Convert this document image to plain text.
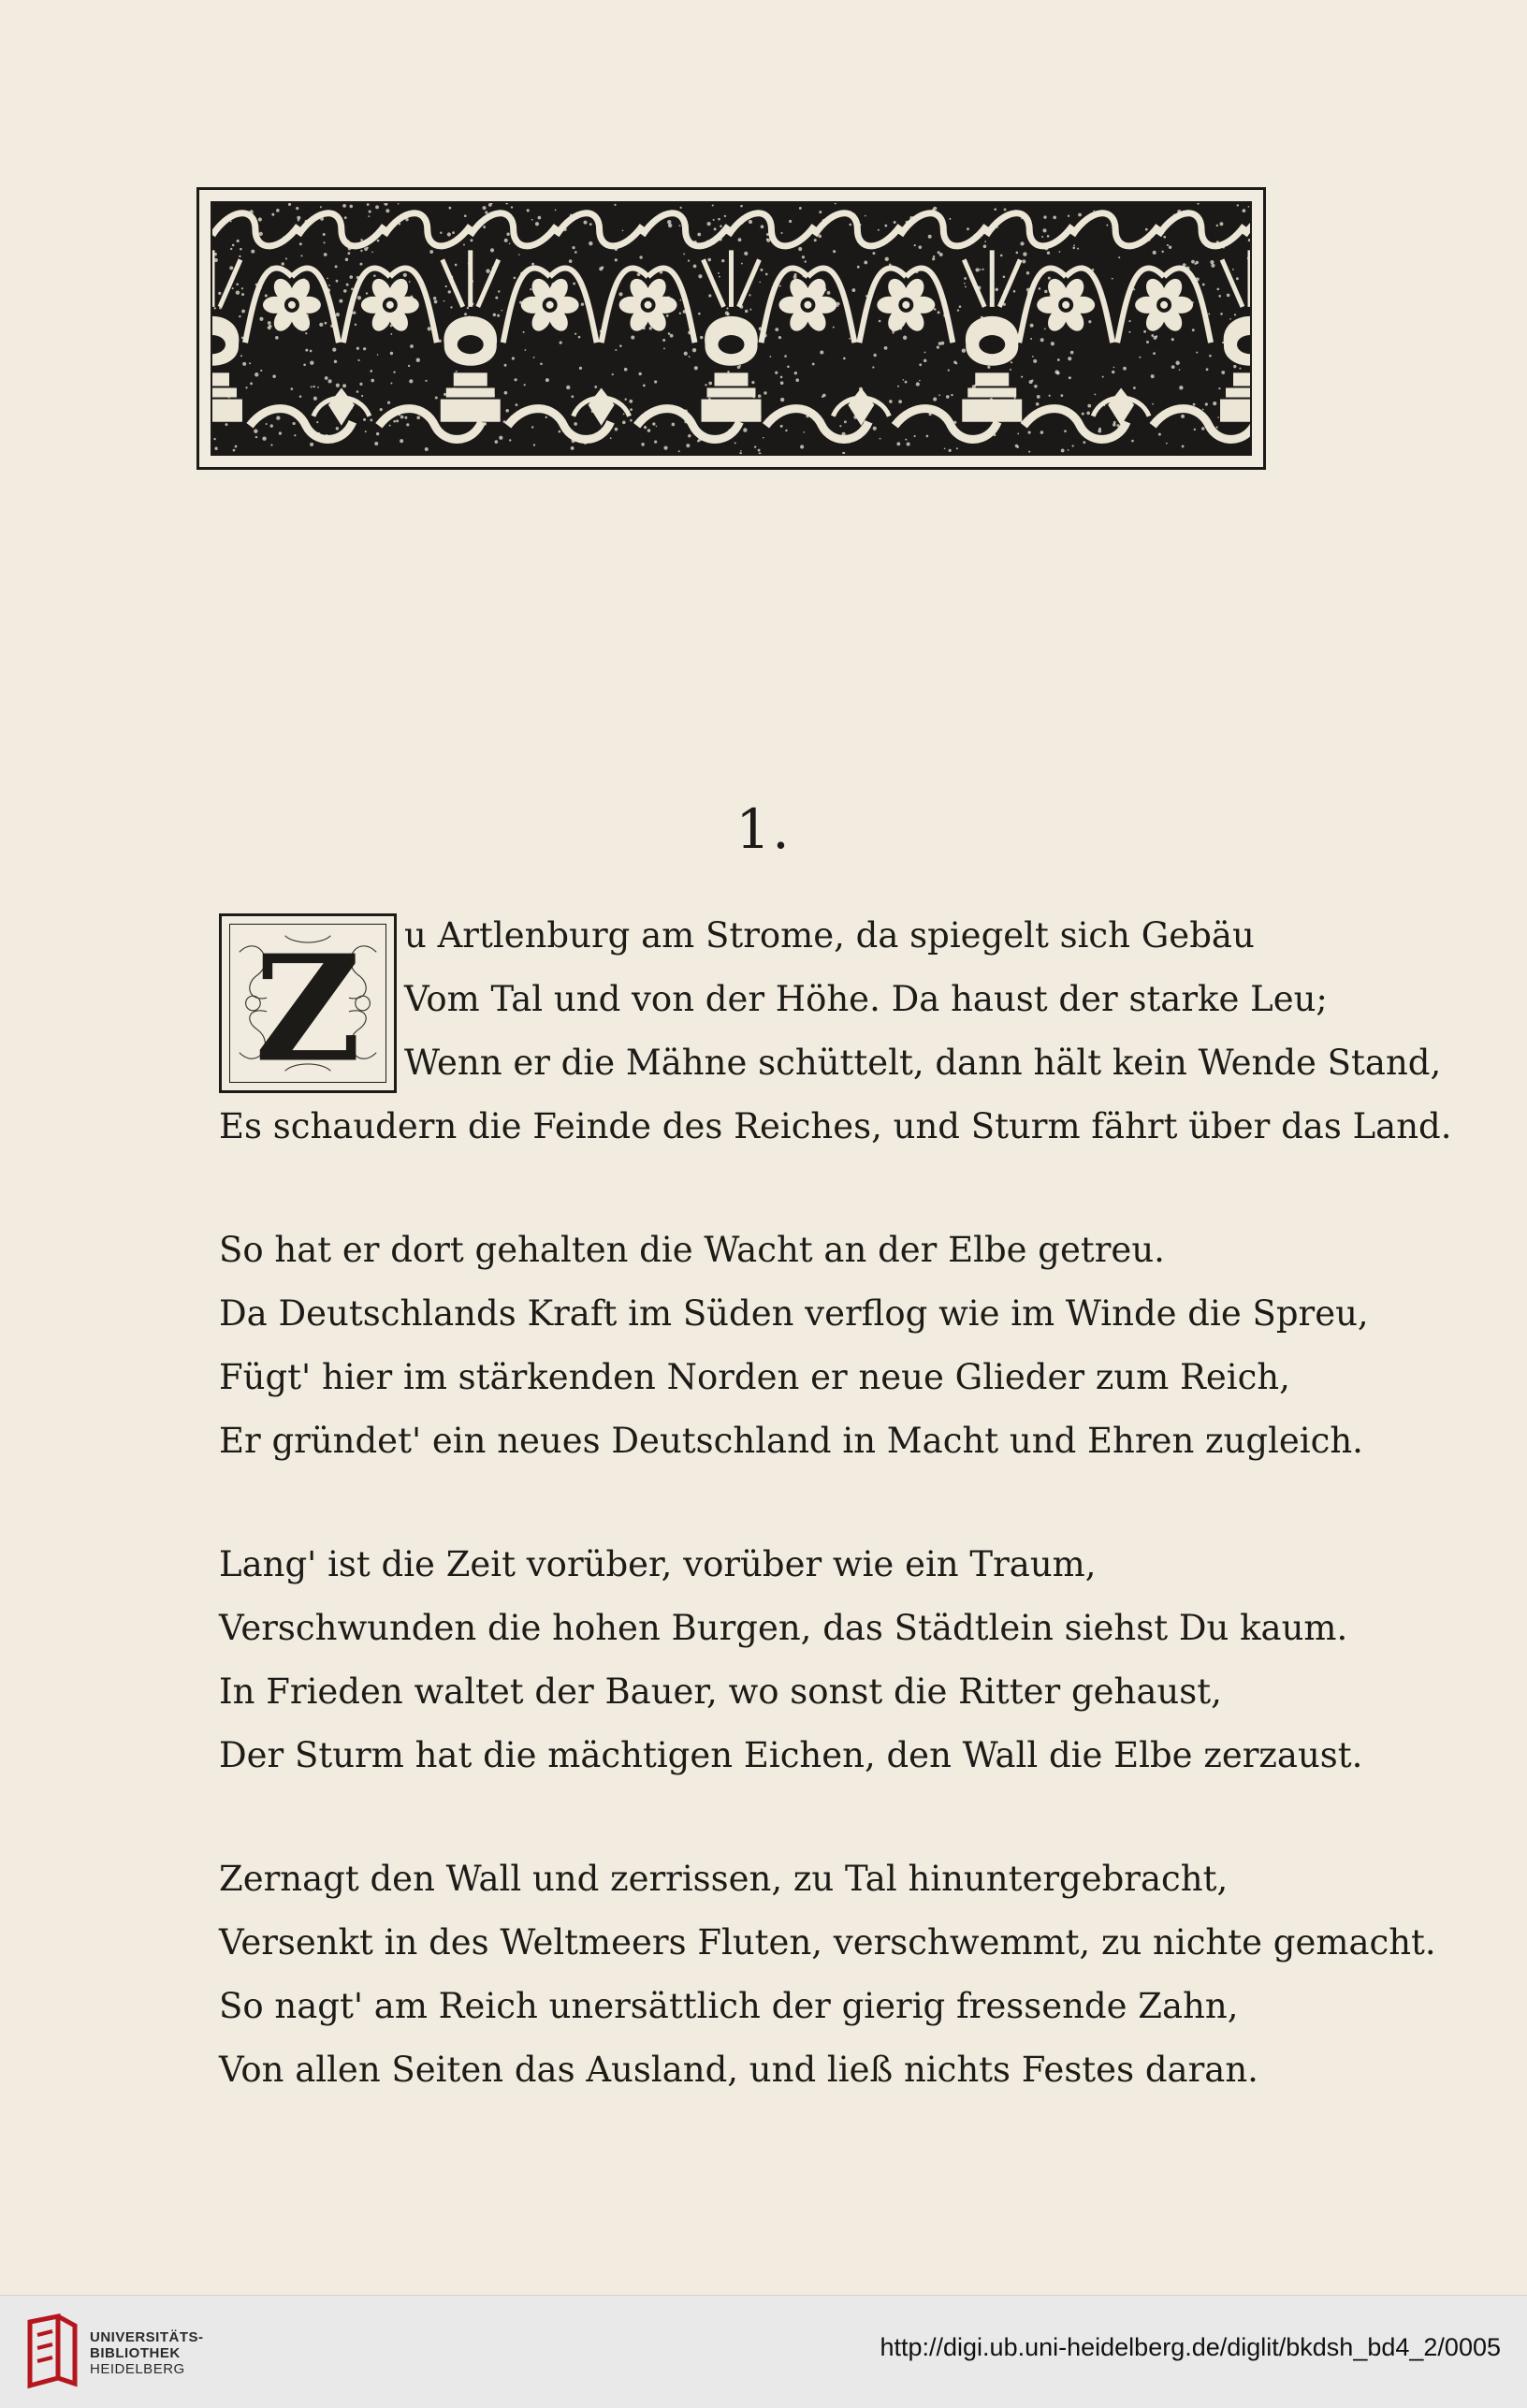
1.
Z u Artlenburg am Strome, da spiegelt sich Gebäu
Vom Tal und von der Höhe. Da haust der starke Leu;
Wenn er die Mähne schüttelt, dann hält kein Wende Stand,
Es schaudern die Feinde des Reiches, und Sturm fährt über das Land.
So hat er dort gehalten die Wacht an der Elbe getreu.
Da Deutschlands Kraft im Süden verflog wie im Winde die Spreu,
Fügt' hier im stärkenden Norden er neue Glieder zum Reich,
Er gründet' ein neues Deutschland in Macht und Ehren zugleich.
Lang' ist die Zeit vorüber, vorüber wie ein Traum,
Verschwunden die hohen Burgen, das Städtlein siehst Du kaum.
In Frieden waltet der Bauer, wo sonst die Ritter gehaust,
Der Sturm hat die mächtigen Eichen, den Wall die Elbe zerzaust.
Zernagt den Wall und zerrissen, zu Tal hinuntergebracht,
Versenkt in des Weltmeers Fluten, verschwemmt, zu nichte gemacht.
So nagt' am Reich unersättlich der gierig fressende Zahn,
Von allen Seiten das Ausland, und ließ nichts Festes daran.
UNIVERSITÄTS-
BIBLIOTHEK
HEIDELBERG
http://digi.ub.uni-heidelberg.de/diglit/bkdsh_bd4_2/0005
